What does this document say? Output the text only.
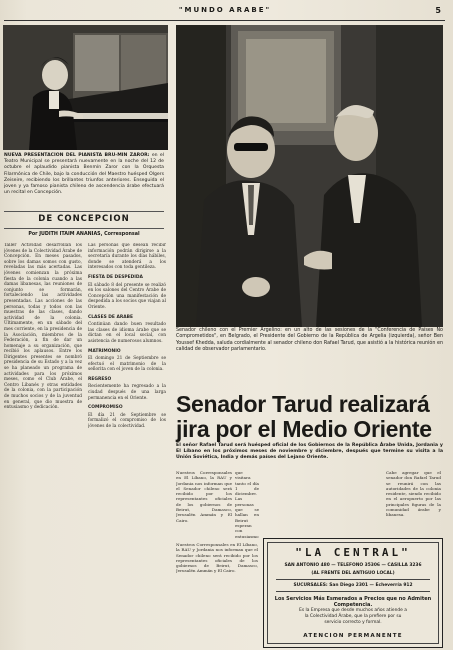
"MUNDO ARABE"	5
NUEVA PRESENTACION DEL PIANISTA BRU-MIN ZAROR: en el Teatro Municipal se presentará nuevamente en la noche del 12 de octubre el aplaudido pianista Benmín Zaror con la Orquesta Filarmónica de Chile, bajo la conducción del Maestro huésped Olgers Zeiseire, recibiendo los brillantes triunfos anteriores. Enseguida el joven y ya famoso pianista chileno de ascendencia árabe efectuará un recital en Concepción.
DE CONCEPCION
Por JUDITH ITAIM ANANIAS, Corresponsal
Taller Actividad desarrollan los jóvenes de la Colectividad Árabe de Concepción. En meses pasados, sobre los damas somos con gusto, reveladas las más acertadas. Las jóvenes comienzan la próxima fiesta de la colonia cuando a las damas libanesas, las reuniones de conjunto se formarán, fortaleciendo las actividades presentadas. Las acciones de las personas, todas y todos con las muestras de las clases, dando actividad de la colonia. Últimamente, en un sábado del mes corriente, en la presidencia de la Asociación, miembros de la Federación, a fin de dar un homenaje a su organización, que recibió los aplausos. Entre los Dirigentes presentes se nombró presidencia de su Estado y a la vez se ha planeado un programa de actividades para los próximos meses, como el Club Árabe, el Centro Libanés y otras entidades de la colonia, con la participación de muchos socios y de la juventud en general, que dio muestra de entusiasmo y dedicación.
Las personas que desean recibir información podrán dirigirse a la secretaría durante los días hábiles, donde se atenderá a los interesados con toda gentileza.
FIESTA DE DESPEDIDA
El sábado 8 del presente se realizó en los salones del Centro Árabe de Concepción una manifestación de despedida a los socios que viajan al Oriente.
CLASES DE ARABE
Continúan dando buen resultado las clases de idioma árabe que se dictan en el local social, con asistencia de numerosos alumnos.
MATRIMONIO
El domingo 21 de Septiembre se efectuó el matrimonio de la señorita con el joven de la colonia.
REGRESO
Recientemente ha regresado a la ciudad después de una larga permanencia en el Oriente.
COMPROMISO
El día 21 de Septiembre se formalizó el compromiso de los jóvenes de la colectividad.
Senador chileno con el Premier Argelino: en un alto de las sesiones de la "Conferencia de Países No Comprometidos", en Belgrado, el Presidente del Gobierno de la República de Argelia (izquierda), señor Ben Youssef Khedda, saluda cordialmente al senador chileno don Rafael Tarud, que asistió a la histórica reunión en calidad de observador parlamentario.
Senador Tarud realizará jira por el Medio Oriente
El señor Rafael Tarud será huésped oficial de los Gobiernos de la República Árabe Unida, Jordania y El Líbano en los próximos meses de noviembre y diciembre, después que termine su visita a la Unión Soviética, India y demás países del Lejano Oriente.
Nuestros Corresponsales en El Líbano, la RAU y Jordania nos informan que el Senador chileno será recibido por los representantes oficiales de los gobiernos de Beirut, Damasco, Jerusalén Ammán y El Cairo.
que visitara tanto el día 1 de diciembre. Las personas que se hallan en Beirut esperan con entusiasmo
Cabe agregar que el senador don Rafael Tarud se reunirá con las autoridades de la colonia residente, siendo recibido en el aeropuerto por las principales figuras de la comunidad árabe y libanesa.
Nuestros Corresponsales en El Líbano, la RAU y Jordania nos informan que el Senador chileno será recibido por los representantes oficiales de los gobiernos de Beirut, Damasco, Jerusalén Ammán y El Cairo.
"LA CENTRAL"
SAN ANTONIO 480 — TELEFONO 35306 — CASILLA 3236
(AL FRENTE DEL ANTIGUO LOCAL)
SUCURSALES: San Diego 2301 — Echeverría 912
Los Servicios Más Esmerados a Precios que no Admiten Competencia.
Es la Empresa que desde muchos años atiende a
la Colectividad Árabe, que la prefiere por su
servicio correcto y formal.
ATENCION PERMANENTE
